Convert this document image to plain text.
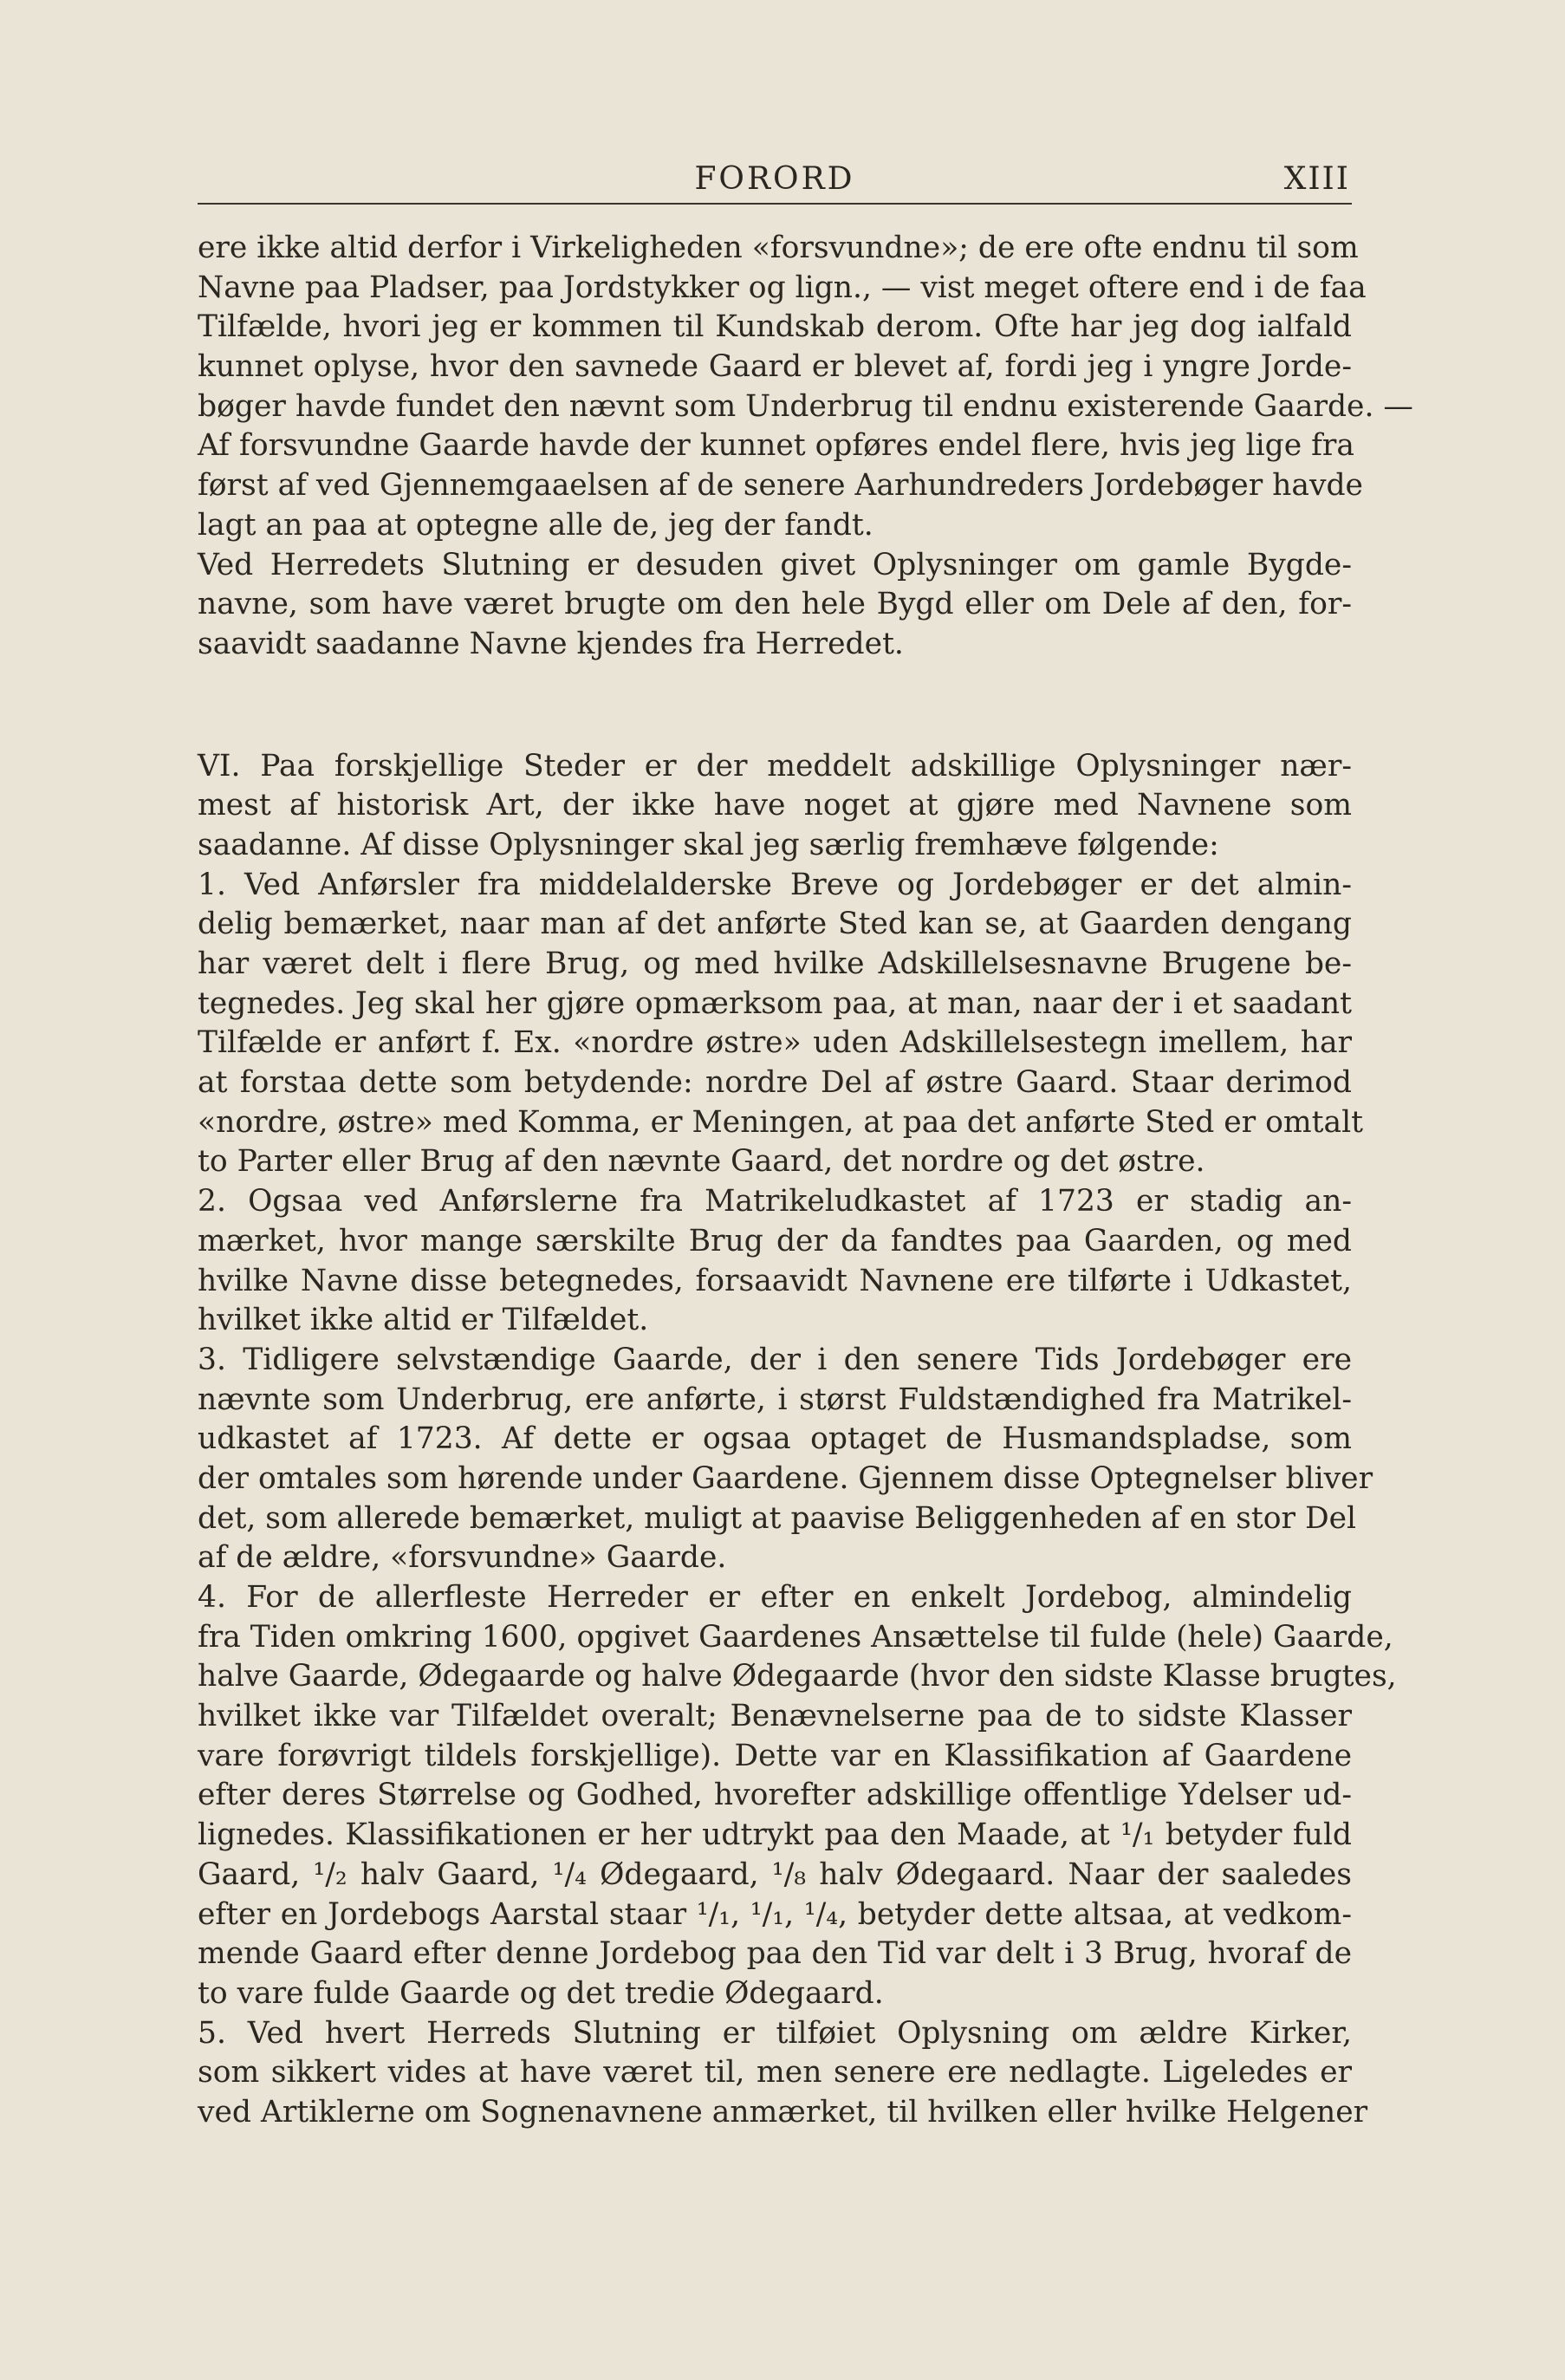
FORORD	XIII
ere ikke altid derfor i Virkeligheden «forsvundne»; de ere ofte endnu til som
Navne paa Pladser, paa Jordstykker og lign., — vist meget oftere end i de faa
Tilfælde, hvori jeg er kommen til Kundskab derom. Ofte har jeg dog ialfald
kunnet oplyse, hvor den savnede Gaard er blevet af, fordi jeg i yngre Jorde-
bøger havde fundet den nævnt som Underbrug til endnu existerende Gaarde. —
Af forsvundne Gaarde havde der kunnet opføres endel flere, hvis jeg lige fra
først af ved Gjennemgaaelsen af de senere Aarhundreders Jordebøger havde
lagt an paa at optegne alle de, jeg der fandt.
Ved Herredets Slutning er desuden givet Oplysninger om gamle Bygde-
navne, som have været brugte om den hele Bygd eller om Dele af den, for-
saavidt saadanne Navne kjendes fra Herredet.
VI. Paa forskjellige Steder er der meddelt adskillige Oplysninger nær-
mest af historisk Art, der ikke have noget at gjøre med Navnene som
saadanne. Af disse Oplysninger skal jeg særlig fremhæve følgende:
1. Ved Anførsler fra middelalderske Breve og Jordebøger er det almin-
delig bemærket, naar man af det anførte Sted kan se, at Gaarden dengang
har været delt i flere Brug, og med hvilke Adskillelsesnavne Brugene be-
tegnedes. Jeg skal her gjøre opmærksom paa, at man, naar der i et saadant
Tilfælde er anført f. Ex. «nordre østre» uden Adskillelsestegn imellem, har
at forstaa dette som betydende: nordre Del af østre Gaard. Staar derimod
«nordre, østre» med Komma, er Meningen, at paa det anførte Sted er omtalt
to Parter eller Brug af den nævnte Gaard, det nordre og det østre.
2. Ogsaa ved Anførslerne fra Matrikeludkastet af 1723 er stadig an-
mærket, hvor mange særskilte Brug der da fandtes paa Gaarden, og med
hvilke Navne disse betegnedes, forsaavidt Navnene ere tilførte i Udkastet,
hvilket ikke altid er Tilfældet.
3. Tidligere selvstændige Gaarde, der i den senere Tids Jordebøger ere
nævnte som Underbrug, ere anførte, i størst Fuldstændighed fra Matrikel-
udkastet af 1723. Af dette er ogsaa optaget de Husmandspladse, som
der omtales som hørende under Gaardene. Gjennem disse Optegnelser bliver
det, som allerede bemærket, muligt at paavise Beliggenheden af en stor Del
af de ældre, «forsvundne» Gaarde.
4. For de allerfleste Herreder er efter en enkelt Jordebog, almindelig
fra Tiden omkring 1600, opgivet Gaardenes Ansættelse til fulde (hele) Gaarde,
halve Gaarde, Ødegaarde og halve Ødegaarde (hvor den sidste Klasse brugtes,
hvilket ikke var Tilfældet overalt; Benævnelserne paa de to sidste Klasser
vare forøvrigt tildels forskjellige). Dette var en Klassifikation af Gaardene
efter deres Størrelse og Godhed, hvorefter adskillige offentlige Ydelser ud-
lignedes. Klassifikationen er her udtrykt paa den Maade, at ¹/₁ betyder fuld
Gaard, ¹/₂ halv Gaard, ¹/₄ Ødegaard, ¹/₈ halv Ødegaard. Naar der saaledes
efter en Jordebogs Aarstal staar ¹/₁, ¹/₁, ¹/₄, betyder dette altsaa, at vedkom-
mende Gaard efter denne Jordebog paa den Tid var delt i 3 Brug, hvoraf de
to vare fulde Gaarde og det tredie Ødegaard.
5. Ved hvert Herreds Slutning er tilføiet Oplysning om ældre Kirker,
som sikkert vides at have været til, men senere ere nedlagte. Ligeledes er
ved Artiklerne om Sognenavnene anmærket, til hvilken eller hvilke Helgener
